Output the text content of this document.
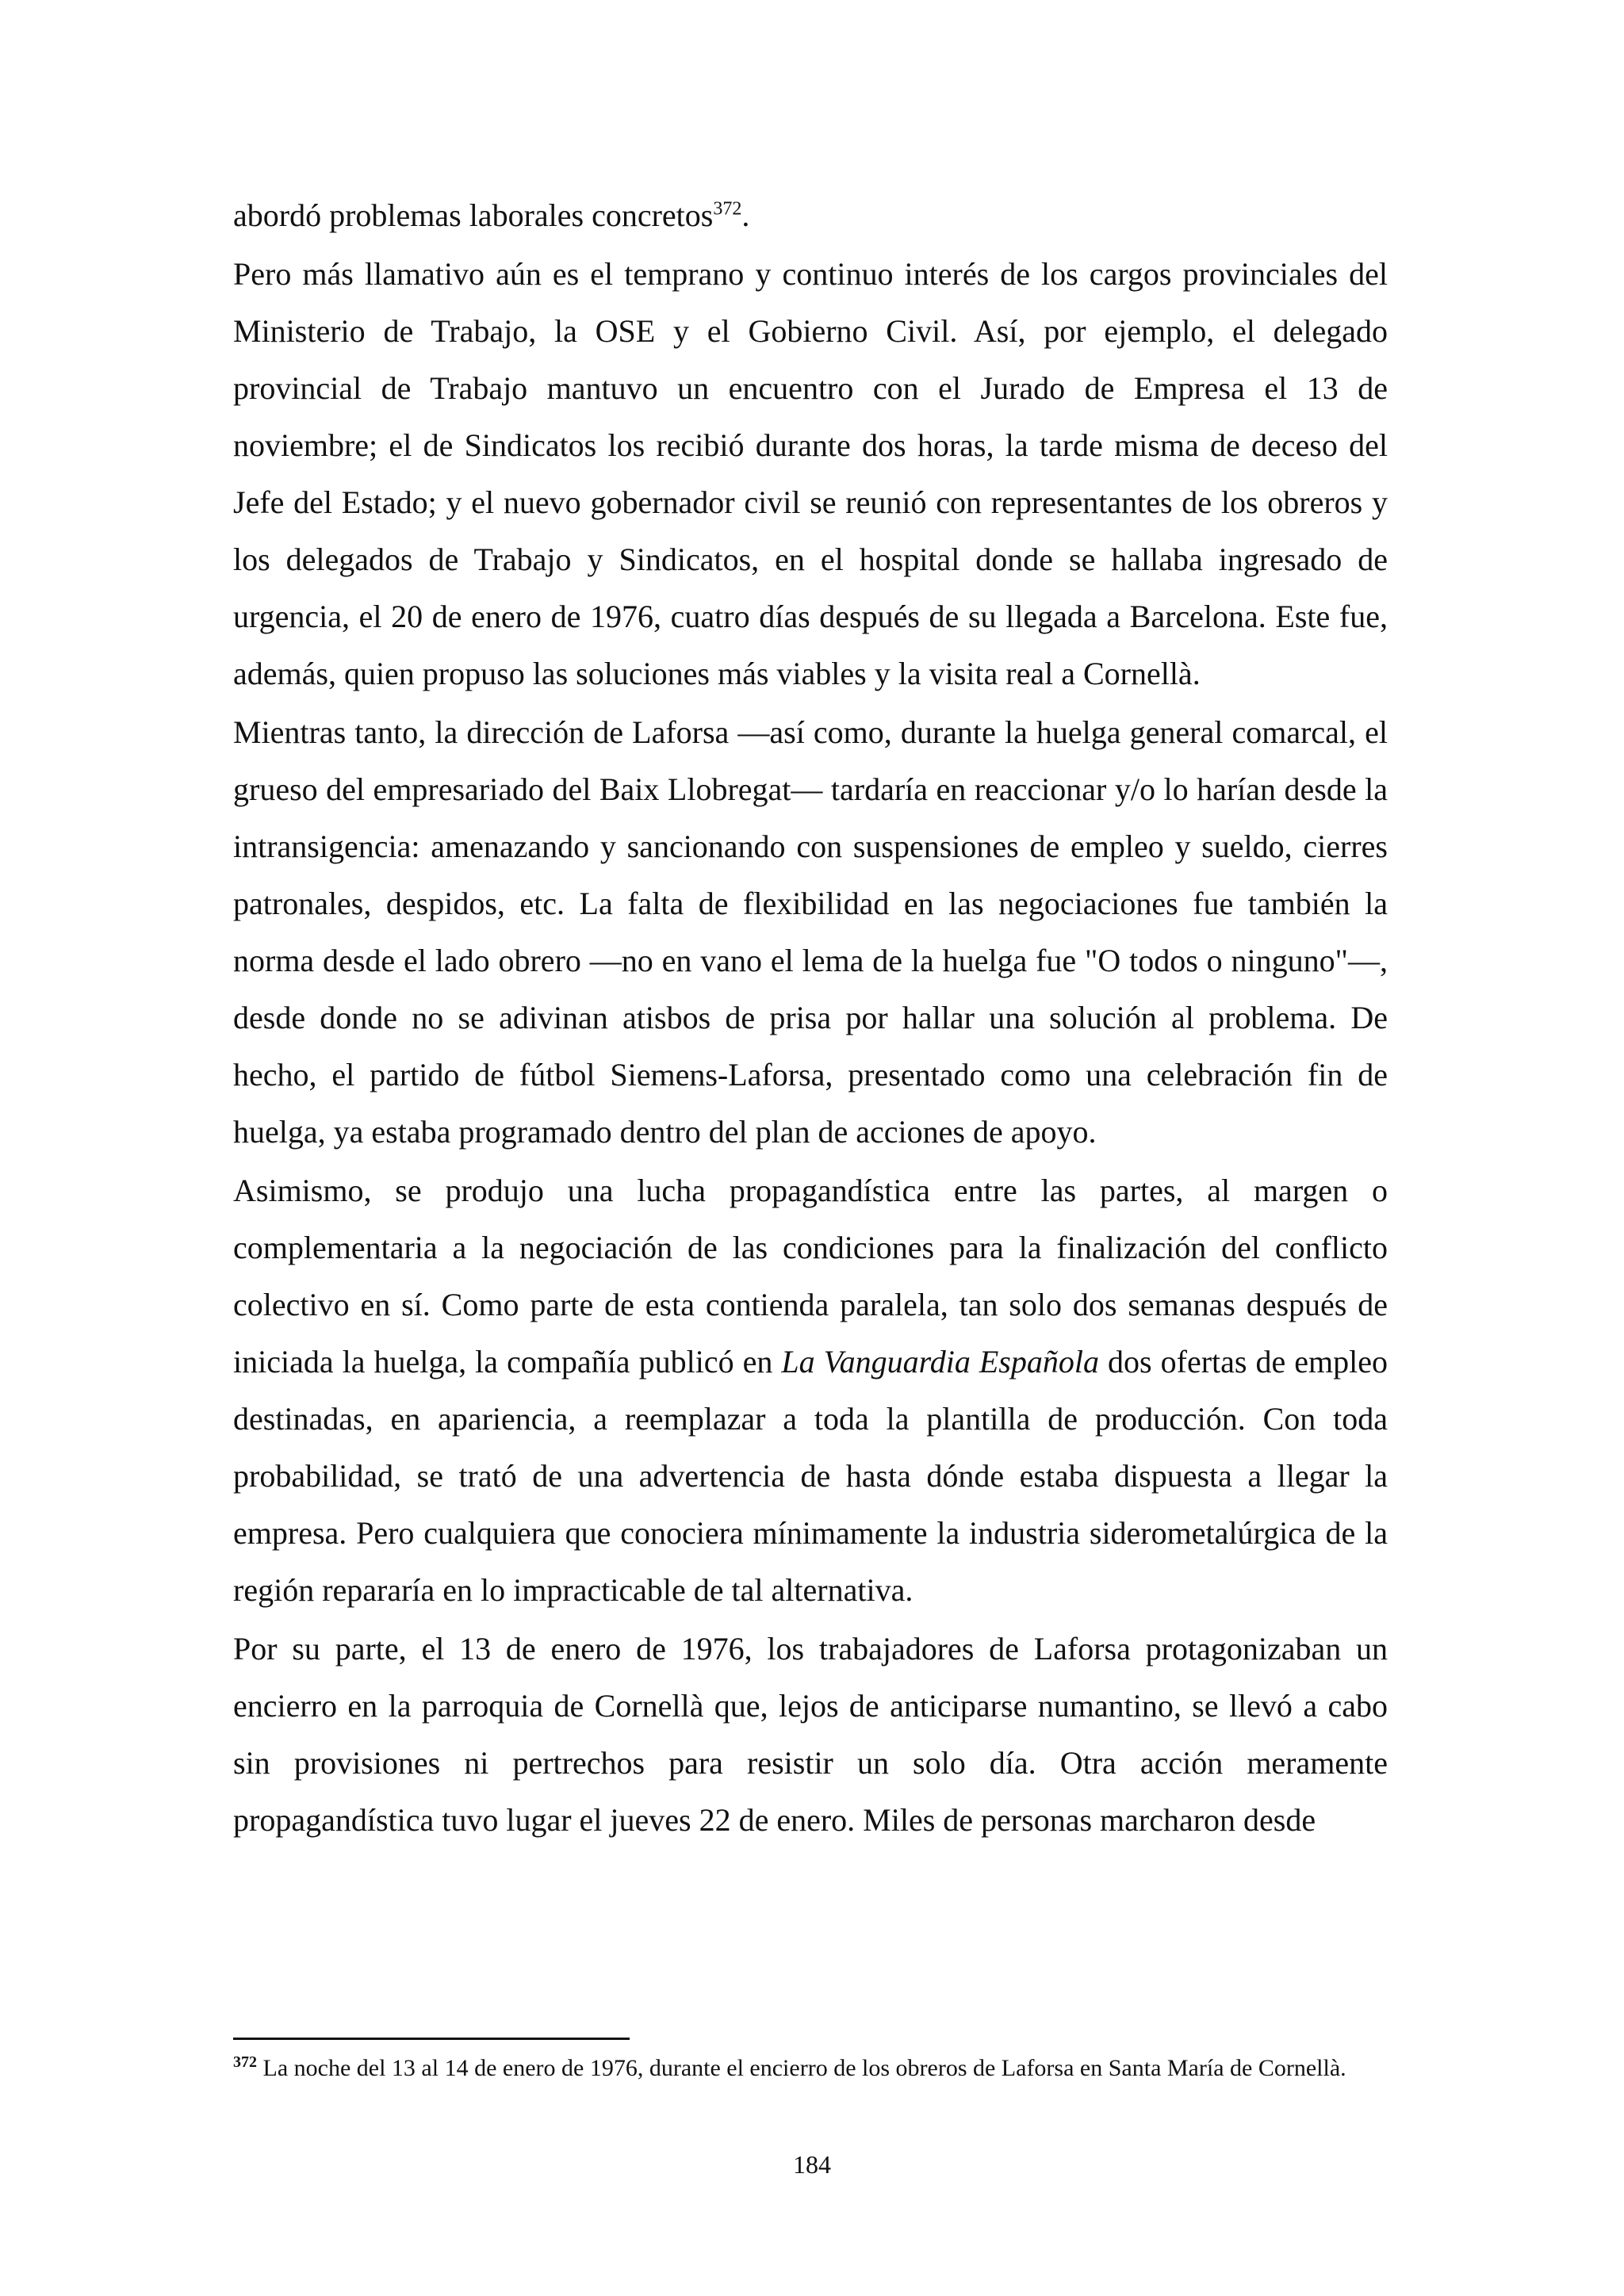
abordó problemas laborales concretos$^{372}$.

Pero más llamativo aún es el temprano y continuo interés de los cargos provinciales del Ministerio de Trabajo, la OSE y el Gobierno Civil. Así, por ejemplo, el delegado provincial de Trabajo mantuvo un encuentro con el Jurado de Empresa el 13 de noviembre; el de Sindicatos los recibió durante dos horas, la tarde misma de deceso del Jefe del Estado; y el nuevo gobernador civil se reunió con representantes de los obreros y los delegados de Trabajo y Sindicatos, en el hospital donde se hallaba ingresado de urgencia, el 20 de enero de 1976, cuatro días después de su llegada a Barcelona. Este fue, además, quien propuso las soluciones más viables y la visita real a Cornellà.

Mientras tanto, la dirección de Laforsa —así como, durante la huelga general comarcal, el grueso del empresariado del Baix Llobregat— tardaría en reaccionar y/o lo harían desde la intransigencia: amenazando y sancionando con suspensiones de empleo y sueldo, cierres patronales, despidos, etc. La falta de flexibilidad en las negociaciones fue también la norma desde el lado obrero —no en vano el lema de la huelga fue "O todos o ninguno"—, desde donde no se adivinan atisbos de prisa por hallar una solución al problema. De hecho, el partido de fútbol Siemens-Laforsa, presentado como una celebración fin de huelga, ya estaba programado dentro del plan de acciones de apoyo.

Asimismo, se produjo una lucha propagandística entre las partes, al margen o complementaria a la negociación de las condiciones para la finalización del conflicto colectivo en sí. Como parte de esta contienda paralela, tan solo dos semanas después de iniciada la huelga, la compañía publicó en La Vanguardia Española dos ofertas de empleo destinadas, en apariencia, a reemplazar a toda la plantilla de producción. Con toda probabilidad, se trató de una advertencia de hasta dónde estaba dispuesta a llegar la empresa. Pero cualquiera que conociera mínimamente la industria siderometalúrgica de la región repararía en lo impracticable de tal alternativa.

Por su parte, el 13 de enero de 1976, los trabajadores de Laforsa protagonizaban un encierro en la parroquia de Cornellà que, lejos de anticiparse numantino, se llevó a cabo sin provisiones ni pertrechos para resistir un solo día. Otra acción meramente propagandística tuvo lugar el jueves 22 de enero. Miles de personas marcharon desde

$^{372}$ La noche del 13 al 14 de enero de 1976, durante el encierro de los obreros de Laforsa en Santa María de Cornellà.
184
